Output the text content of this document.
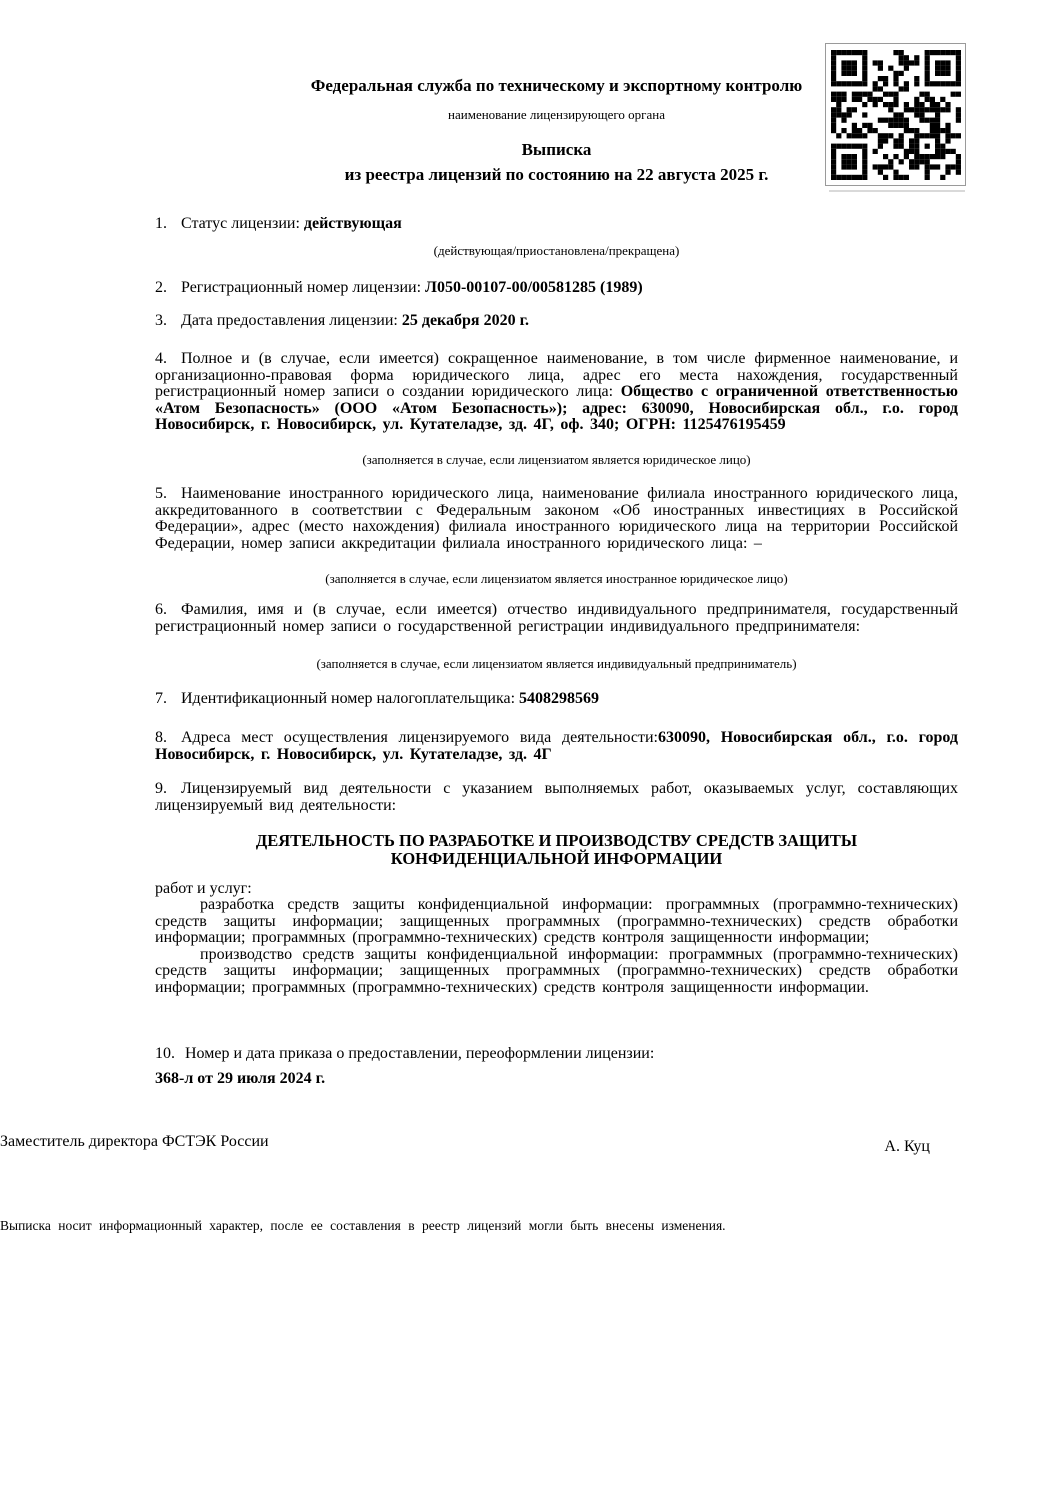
Федеральная служба по техническому и экспортному контролю
наименование лицензирующего органа
Выписка
из реестра лицензий по состоянию на 22 августа 2025 г.

1. Статус лицензии: действующая

(действующая/приостановлена/прекращена)

2. Регистрационный номер лицензии: Л050-00107-00/00581285 (1989)

3. Дата предоставления лицензии: 25 декабря 2020 г.

4. Полное и (в случае, если имеется) сокращенное наименование, в том числе фирменное наименование, и организационно-правовая форма юридического лица, адрес его места нахождения, государственный регистрационный номер записи о создании юридического лица: Общество с ограниченной ответственностью «Атом Безопасность» (ООО «Атом Безопасность»); адрес: 630090, Новосибирская обл., г.о. город Новосибирск, г. Новосибирск, ул. Кутателадзе, зд. 4Г, оф. 340; ОГРН: 1125476195459

(заполняется в случае, если лицензиатом является юридическое лицо)

5. Наименование иностранного юридического лица, наименование филиала иностранного юридического лица, аккредитованного в соответствии с Федеральным законом «Об иностранных инвестициях в Российской Федерации», адрес (место нахождения) филиала иностранного юридического лица на территории Российской Федерации, номер записи аккредитации филиала иностранного юридического лица: –

(заполняется в случае, если лицензиатом является иностранное юридическое лицо)

6. Фамилия, имя и (в случае, если имеется) отчество индивидуального предпринимателя, государственный регистрационный номер записи о государственной регистрации индивидуального предпринимателя:

(заполняется в случае, если лицензиатом является индивидуальный предприниматель)

7. Идентификационный номер налогоплательщика: 5408298569

8. Адреса мест осуществления лицензируемого вида деятельности:630090, Новосибирская обл., г.о. город Новосибирск, г. Новосибирск, ул. Кутателадзе, зд. 4Г

9. Лицензируемый вид деятельности с указанием выполняемых работ, оказываемых услуг, составляющих лицензируемый вид деятельности:

ДЕЯТЕЛЬНОСТЬ ПО РАЗРАБОТКЕ И ПРОИЗВОДСТВУ СРЕДСТВ ЗАЩИТЫ КОНФИДЕНЦИАЛЬНОЙ ИНФОРМАЦИИ

работ и услуг:

разработка средств защиты конфиденциальной информации: программных (программно-технических) средств защиты информации; защищенных программных (программно-технических) средств обработки информации; программных (программно-технических) средств контроля защищенности информации;

производство средств защиты конфиденциальной информации: программных (программно-технических) средств защиты информации; защищенных программных (программно-технических) средств обработки информации; программных (программно-технических) средств контроля защищенности информации.

10. Номер и дата приказа о предоставлении, переоформлении лицензии:

368-л от 29 июля 2024 г.

Заместитель директора ФСТЭК России	А. Куц
Выписка носит информационный характер, после ее составления в реестр лицензий могли быть внесены изменения.
